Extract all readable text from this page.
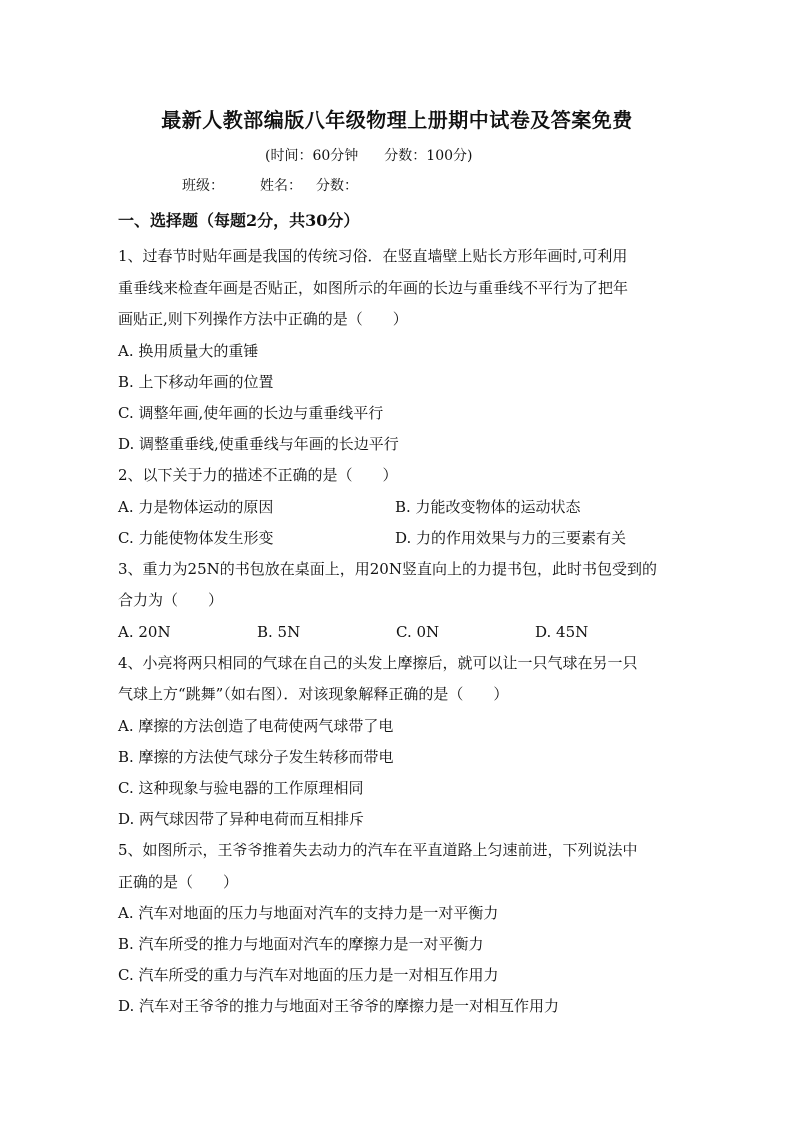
最新人教部编版八年级物理上册期中试卷及答案免费
(时间：60分钟 分数：100分)
班级：	姓名： 分数：
一、选择题（每题2分，共30分）
1、过春节时贴年画是我国的传统习俗．在竖直墙壁上贴长方形年画时,可利用
重垂线来检查年画是否贴正，如图所示的年画的长边与重垂线不平行为了把年
画贴正,则下列操作方法中正确的是（　　）
A. 换用质量大的重锤
B. 上下移动年画的位置
C. 调整年画,使年画的长边与重垂线平行
D. 调整重垂线,使重垂线与年画的长边平行
2、以下关于力的描述不正确的是（　　）
A. 力是物体运动的原因	B. 力能改变物体的运动状态
C. 力能使物体发生形变	D. 力的作用效果与力的三要素有关
3、重力为25N的书包放在桌面上，用20N竖直向上的力提书包，此时书包受到的
合力为（　　）
A. 20N	B. 5N	C. 0N	D. 45N
4、小亮将两只相同的气球在自己的头发上摩擦后，就可以让一只气球在另一只
气球上方“跳舞”（如右图）．对该现象解释正确的是（　　）
A. 摩擦的方法创造了电荷使两气球带了电
B. 摩擦的方法使气球分子发生转移而带电
C. 这种现象与验电器的工作原理相同
D. 两气球因带了异种电荷而互相排斥
5、如图所示，王爷爷推着失去动力的汽车在平直道路上匀速前进，下列说法中
正确的是（　　）
A. 汽车对地面的压力与地面对汽车的支持力是一对平衡力
B. 汽车所受的推力与地面对汽车的摩擦力是一对平衡力
C. 汽车所受的重力与汽车对地面的压力是一对相互作用力
D. 汽车对王爷爷的推力与地面对王爷爷的摩擦力是一对相互作用力
